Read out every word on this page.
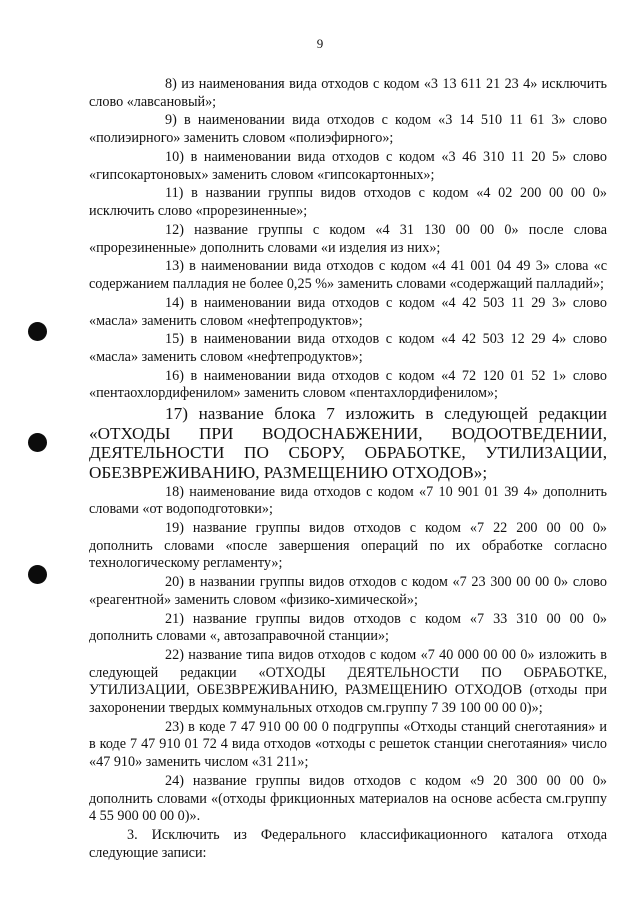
9

8) из наименования вида отходов с кодом «3 13 611 21 23 4» исключить слово «лавсановый»;

9) в наименовании вида отходов с кодом «3 14 510 11 61 3» слово «полиэирного» заменить словом «полиэфирного»;

10) в наименовании вида отходов с кодом «3 46 310 11 20 5» слово «гипсокартоновых» заменить словом «гипсокартонных»;

11) в названии группы видов отходов с кодом «4 02 200 00 00 0» исключить слово «прорезиненные»;

12) название группы с кодом «4 31 130 00 00 0» после слова «прорезиненные» дополнить словами «и изделия из них»;

13) в наименовании вида отходов с кодом «4 41 001 04 49 3» слова «с содержанием палладия не более 0,25 %» заменить словами «содержащий палладий»;

14) в наименовании вида отходов с кодом «4 42 503 11 29 3» слово «масла» заменить словом «нефтепродуктов»;

15) в наименовании вида отходов с кодом «4 42 503 12 29 4» слово «масла» заменить словом «нефтепродуктов»;

16) в наименовании вида отходов с кодом «4 72 120 01 52 1» слово «пентаохлордифенилом» заменить словом «пентахлордифенилом»;

17) название блока 7 изложить в следующей редакции «ОТХОДЫ ПРИ ВОДОСНАБЖЕНИИ, ВОДООТВЕДЕНИИ, ДЕЯТЕЛЬНОСТИ ПО СБОРУ, ОБРАБОТКЕ, УТИЛИЗАЦИИ, ОБЕЗВРЕЖИВАНИЮ, РАЗМЕЩЕНИЮ ОТХОДОВ»;

18) наименование вида отходов с кодом «7 10 901 01 39 4» дополнить словами «от водоподготовки»;

19) название группы видов отходов с кодом «7 22 200 00 00 0» дополнить словами «после завершения операций по их обработке согласно технологическому регламенту»;

20) в названии группы видов отходов с кодом «7 23 300 00 00 0» слово «реагентной» заменить словом «физико-химической»;

21) название группы видов отходов с кодом «7 33 310 00 00 0» дополнить словами «, автозаправочной станции»;

22) название типа видов отходов с кодом «7 40 000 00 00 0» изложить в следующей редакции «ОТХОДЫ ДЕЯТЕЛЬНОСТИ ПО ОБРАБОТКЕ, УТИЛИЗАЦИИ, ОБЕЗВРЕЖИВАНИЮ, РАЗМЕЩЕНИЮ ОТХОДОВ (отходы при захоронении твердых коммунальных отходов см.группу 7 39 100 00 00 0)»;

23) в коде 7 47 910 00 00 0 подгруппы «Отходы станций снеготаяния» и в коде 7 47 910 01 72 4 вида отходов «отходы с решеток станции снеготаяния» число «47 910» заменить числом «31 211»;

24) название группы видов отходов с кодом «9 20 300 00 00 0» дополнить словами «(отходы фрикционных материалов на основе асбеста см.группу 4 55 900 00 00 0)».

3. Исключить из Федерального классификационного каталога отхода следующие записи:
